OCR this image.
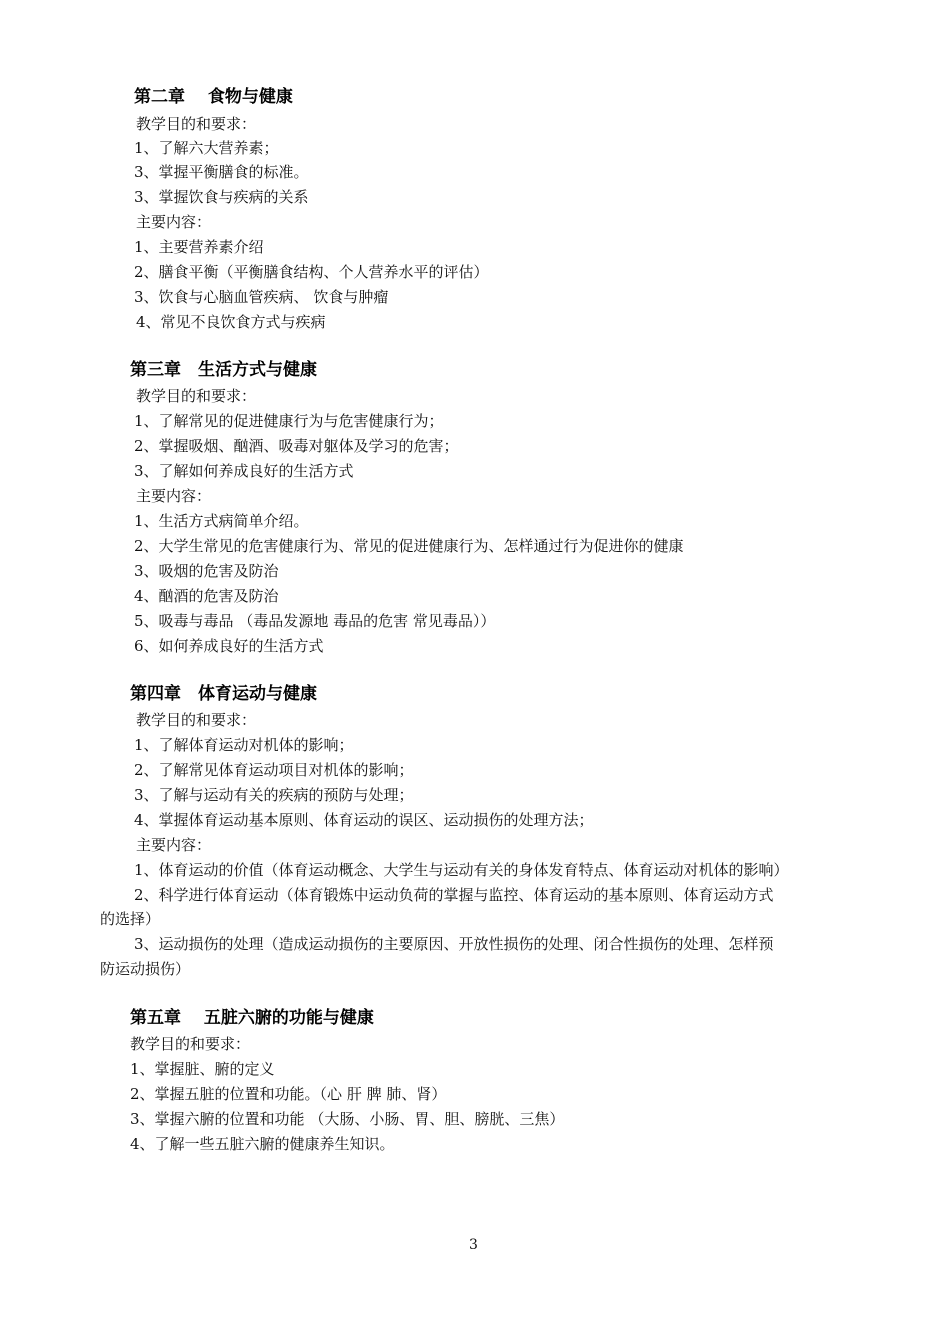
第二章　 食物与健康
教学目的和要求：
1、了解六大营养素；
3、掌握平衡膳食的标准。
3、掌握饮食与疾病的关系
主要内容：
1、主要营养素介绍
2、膳食平衡（平衡膳食结构、个人营养水平的评估）
3、饮食与心脑血管疾病、 饮食与肿瘤
4、常见不良饮食方式与疾病
第三章　生活方式与健康
教学目的和要求：
1、了解常见的促进健康行为与危害健康行为；
2、掌握吸烟、酗酒、吸毒对躯体及学习的危害；
3、了解如何养成良好的生活方式
主要内容：
1、生活方式病简单介绍。
2、大学生常见的危害健康行为、常见的促进健康行为、怎样通过行为促进你的健康
3、吸烟的危害及防治
4、酗酒的危害及防治
5、吸毒与毒品 （毒品发源地 毒品的危害 常见毒品））
6、如何养成良好的生活方式
第四章　体育运动与健康
教学目的和要求：
1、了解体育运动对机体的影响；
2、了解常见体育运动项目对机体的影响；
3、了解与运动有关的疾病的预防与处理；
4、掌握体育运动基本原则、体育运动的误区、运动损伤的处理方法；
主要内容：
1、体育运动的价值（体育运动概念、大学生与运动有关的身体发育特点、体育运动对机体的影响）
2、科学进行体育运动（体育锻炼中运动负荷的掌握与监控、体育运动的基本原则、体育运动方式
的选择）
3、运动损伤的处理（造成运动损伤的主要原因、开放性损伤的处理、闭合性损伤的处理、怎样预
防运动损伤）
第五章　 五脏六腑的功能与健康
教学目的和要求：
1、掌握脏、腑的定义
2、掌握五脏的位置和功能。（心 肝 脾 肺、肾）
3、掌握六腑的位置和功能 （大肠、小肠、胃、胆、膀胱、三焦）
4、了解一些五脏六腑的健康养生知识。
3
